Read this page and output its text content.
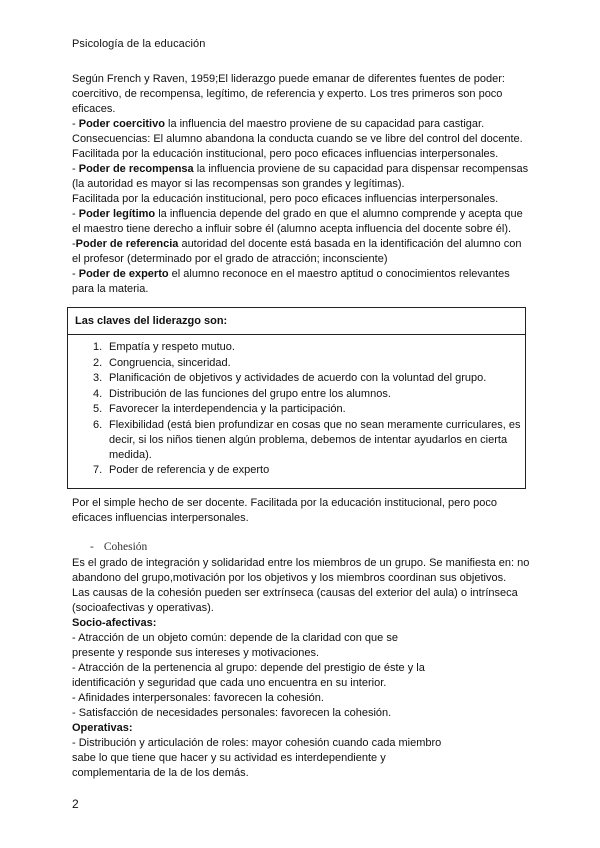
Psicología de la educación

Según French y Raven, 1959;El liderazgo puede emanar de diferentes fuentes de poder: coercitivo, de recompensa, legítimo, de referencia y experto. Los tres primeros son poco eficaces.

- Poder coercitivo la influencia del maestro proviene de su capacidad para castigar.

Consecuencias: El alumno abandona la conducta cuando se ve libre del control del docente.

Facilitada por la educación institucional, pero poco eficaces influencias interpersonales.

- Poder de recompensa la influencia proviene de su capacidad para dispensar recompensas (la autoridad es mayor si las recompensas son grandes y legítimas).

Facilitada por la educación institucional, pero poco eficaces influencias interpersonales.

- Poder legítimo la influencia depende del grado en que el alumno comprende y acepta que el maestro tiene derecho a influir sobre él (alumno acepta influencia del docente sobre él).

-Poder de referencia autoridad del docente está basada en la identificación del alumno con el profesor (determinado por el grado de atracción; inconsciente)

- Poder de experto el alumno reconoce en el maestro aptitud o conocimientos relevantes para la materia.

Las claves del liderazgo son:
1. Empatía y respeto mutuo.
2. Congruencia, sinceridad.
3. Planificación de objetivos y actividades de acuerdo con la voluntad del grupo.
4. Distribución de las funciones del grupo entre los alumnos.
5. Favorecer la interdependencia y la participación.
6. Flexibilidad (está bien profundizar en cosas que no sean meramente curriculares, es decir, si los niños tienen algún problema, debemos de intentar ayudarlos en cierta medida).
7. Poder de referencia y de experto

Por el simple hecho de ser docente. Facilitada por la educación institucional, pero poco eficaces influencias interpersonales.

- Cohesión

Es el grado de integración y solidaridad entre los miembros de un grupo. Se manifiesta en: no abandono del grupo,motivación por los objetivos y los miembros coordinan sus objetivos.

Las causas de la cohesión pueden ser extrínseca (causas del exterior del aula) o intrínseca (socioafectivas y operativas).

Socio-afectivas:

- Atracción de un objeto común: depende de la claridad con que se presente y responde sus intereses y motivaciones.

- Atracción de la pertenencia al grupo: depende del prestigio de éste y la identificación y seguridad que cada uno encuentra en su interior.

- Afinidades interpersonales: favorecen la cohesión.

- Satisfacción de necesidades personales: favorecen la cohesión.

Operativas:

- Distribución y articulación de roles: mayor cohesión cuando cada miembro sabe lo que tiene que hacer y su actividad es interdependiente y complementaria de la de los demás.

2
